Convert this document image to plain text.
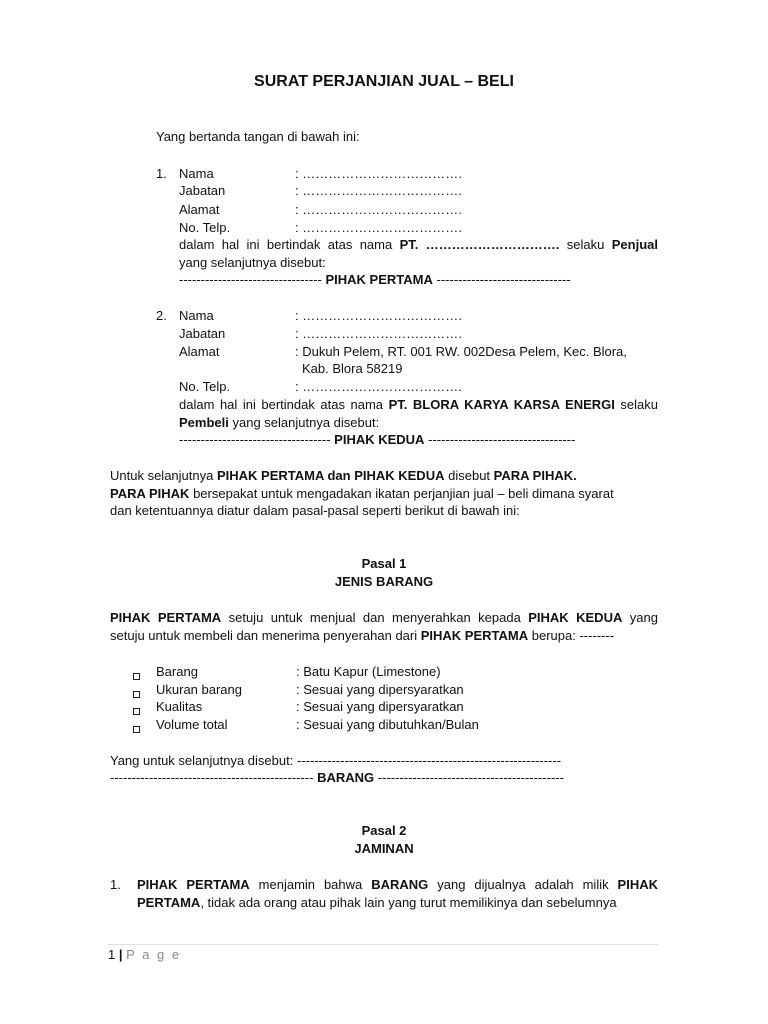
SURAT PERJANJIAN JUAL – BELI
Yang bertanda tangan di bawah ini:
1. Nama	: ……………………………….
Jabatan	: ……………………………….
Alamat	: ……………………………….
No. Telp.	: ……………………………….
dalam hal ini bertindak atas nama PT. …………………………. selaku Penjual
yang selanjutnya disebut:
--------------------------------- PIHAK PERTAMA -------------------------------
2. Nama	: ……………………………….
Jabatan	: ……………………………….
Alamat	: Dukuh Pelem, RT. 001 RW. 002Desa Pelem, Kec. Blora,
Kab. Blora 58219
No. Telp.	: ……………………………….
dalam hal ini bertindak atas nama PT. BLORA KARYA KARSA ENERGI selaku
Pembeli yang selanjutnya disebut:
----------------------------------- PIHAK KEDUA ----------------------------------
Untuk selanjutnya PIHAK PERTAMA dan PIHAK KEDUA disebut PARA PIHAK.
PARA PIHAK bersepakat untuk mengadakan ikatan perjanjian jual – beli dimana syarat
dan ketentuannya diatur dalam pasal-pasal seperti berikut di bawah ini:
Pasal 1
JENIS BARANG
PIHAK PERTAMA setuju untuk menjual dan menyerahkan kepada PIHAK KEDUA yang
setuju untuk membeli dan menerima penyerahan dari PIHAK PERTAMA berupa: --------
Barang	: Batu Kapur (Limestone)
Ukuran barang	: Sesuai yang dipersyaratkan
Kualitas	: Sesuai yang dipersyaratkan
Volume total	: Sesuai yang dibutuhkan/Bulan
Yang untuk selanjutnya disebut: -------------------------------------------------------------
----------------------------------------------- BARANG -------------------------------------------
Pasal 2
JAMINAN
1. PIHAK PERTAMA menjamin bahwa BARANG yang dijualnya adalah milik PIHAK
PERTAMA, tidak ada orang atau pihak lain yang turut memilikinya dan sebelumnya
1 | P a g e
